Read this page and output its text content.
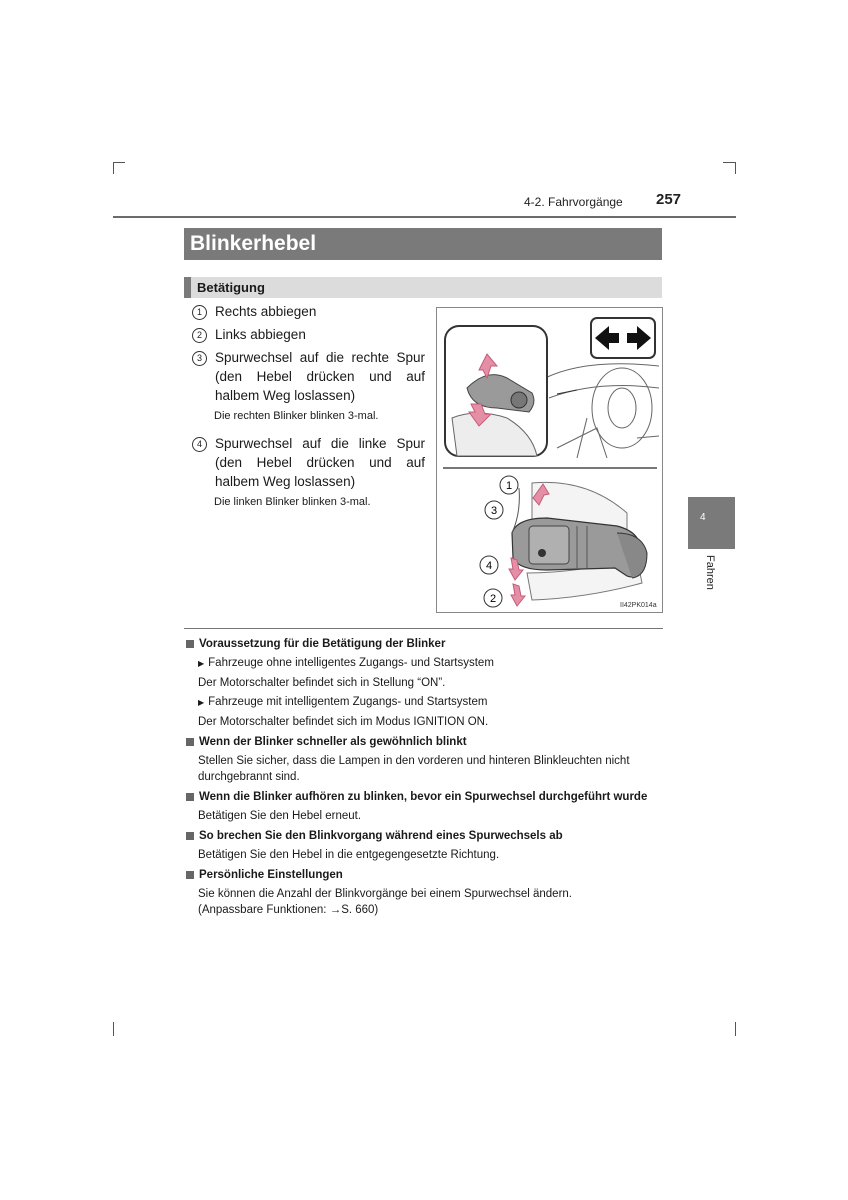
4-2. Fahrvorgänge 257
Blinkerhebel
Betätigung
4
Fahren
1 Rechts abbiegen
2 Links abbiegen
3 Spurwechsel auf die rechte Spur (den Hebel drücken und auf halbem Weg loslassen)
Die rechten Blinker blinken 3-mal.
4 Spurwechsel auf die linke Spur (den Hebel drücken und auf halbem Weg loslassen)
Die linken Blinker blinken 3-mal.
1
3
4
2
II42PK014a
Voraussetzung für die Betätigung der Blinker
▶ Fahrzeuge ohne intelligentes Zugangs- und Startsystem
Der Motorschalter befindet sich in Stellung “ON”.
▶ Fahrzeuge mit intelligentem Zugangs- und Startsystem
Der Motorschalter befindet sich im Modus IGNITION ON.
Wenn der Blinker schneller als gewöhnlich blinkt
Stellen Sie sicher, dass die Lampen in den vorderen und hinteren Blinkleuchten nicht durchgebrannt sind.
Wenn die Blinker aufhören zu blinken, bevor ein Spurwechsel durchgeführt wurde
Betätigen Sie den Hebel erneut.
So brechen Sie den Blinkvorgang während eines Spurwechsels ab
Betätigen Sie den Hebel in die entgegengesetzte Richtung.
Persönliche Einstellungen
Sie können die Anzahl der Blinkvorgänge bei einem Spurwechsel ändern.
(Anpassbare Funktionen: →S. 660)
